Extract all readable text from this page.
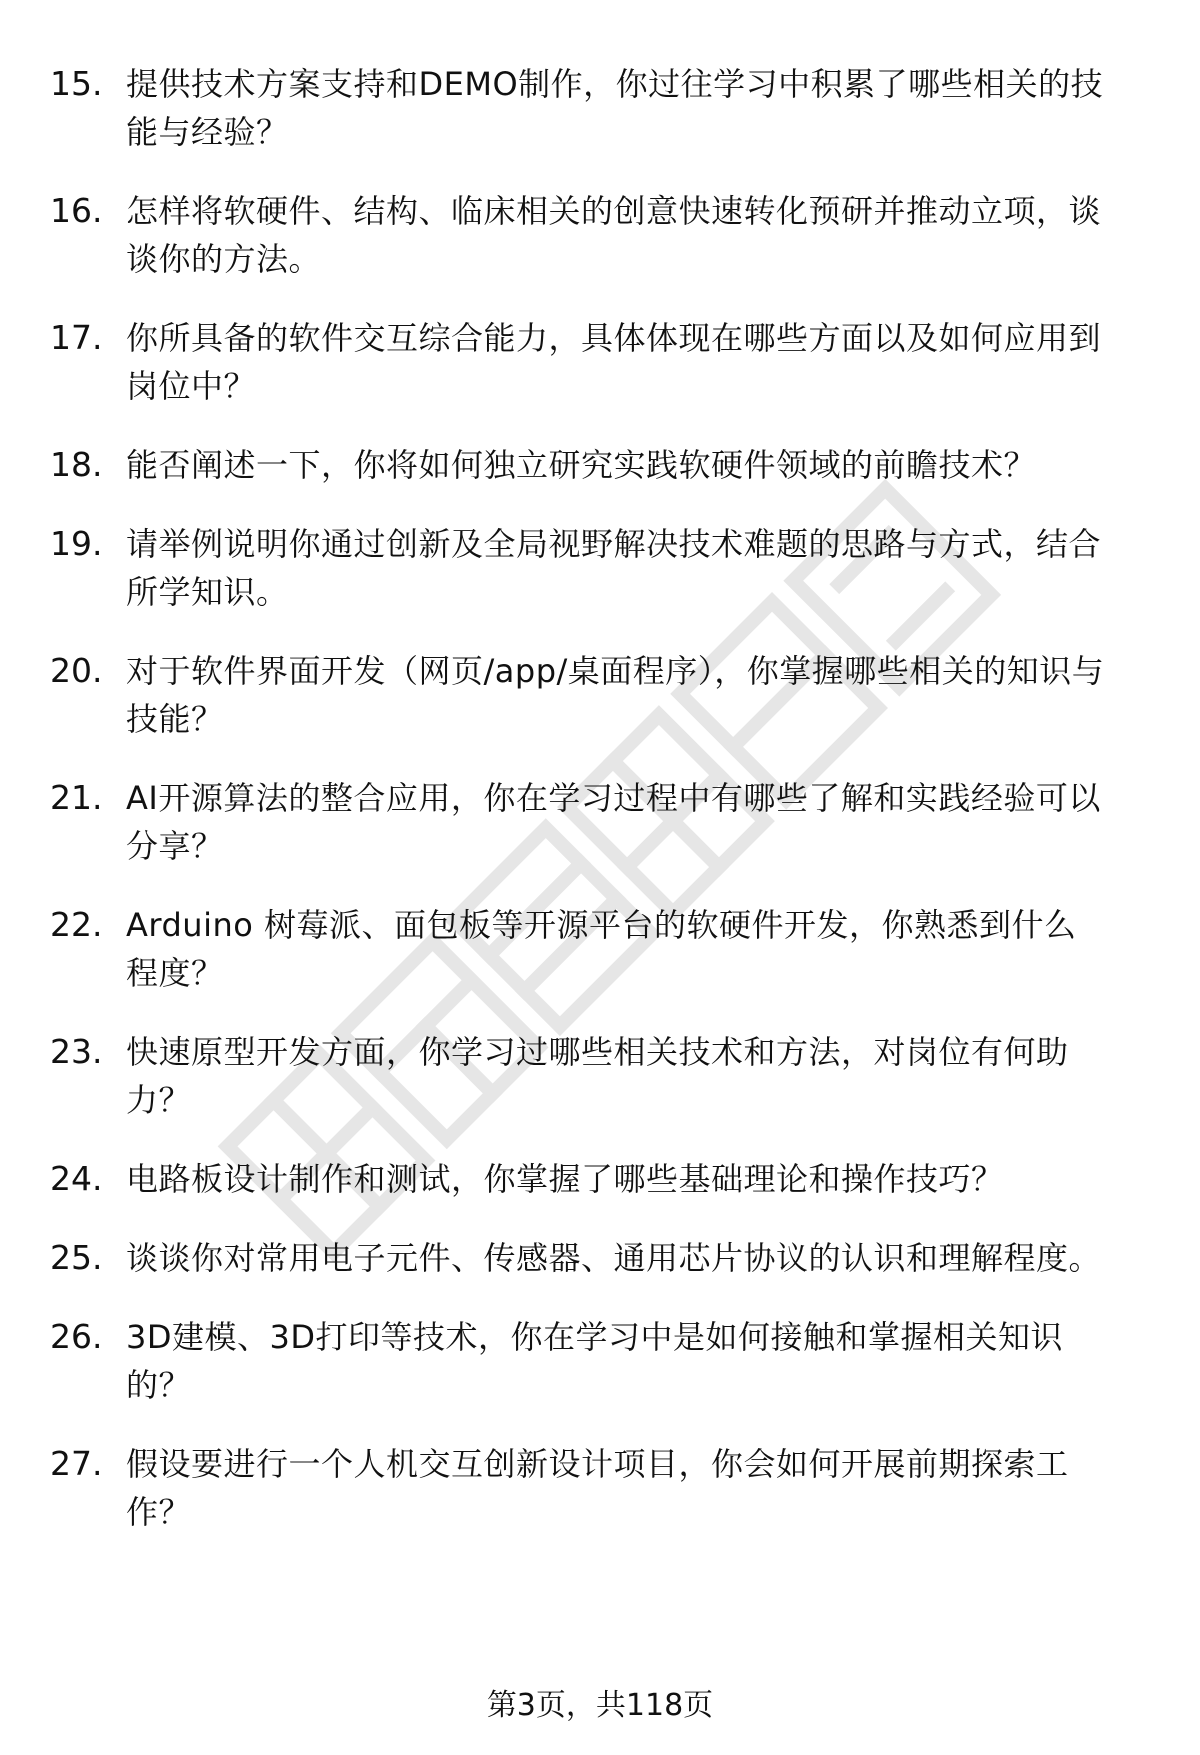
15. 提供技术方案支持和DEMO制作，你过往学习中积累了哪些相关的技能与经验？
16. 怎样将软硬件、结构、临床相关的创意快速转化预研并推动立项，谈谈你的方法。
17. 你所具备的软件交互综合能力，具体体现在哪些方面以及如何应用到岗位中？
18. 能否阐述一下，你将如何独立研究实践软硬件领域的前瞻技术？
19. 请举例说明你通过创新及全局视野解决技术难题的思路与方式，结合所学知识。
20. 对于软件界面开发（网页/app/桌面程序），你掌握哪些相关的知识与技能？
21. AI开源算法的整合应用，你在学习过程中有哪些了解和实践经验可以分享？
22. Arduino 树莓派、面包板等开源平台的软硬件开发，你熟悉到什么程度？
23. 快速原型开发方面，你学习过哪些相关技术和方法，对岗位有何助力？
24. 电路板设计制作和测试，你掌握了哪些基础理论和操作技巧？
25. 谈谈你对常用电子元件、传感器、通用芯片协议的认识和理解程度。
26. 3D建模、3D打印等技术，你在学习中是如何接触和掌握相关知识的？
27. 假设要进行一个人机交互创新设计项目，你会如何开展前期探索工作？
第3页，共118页
